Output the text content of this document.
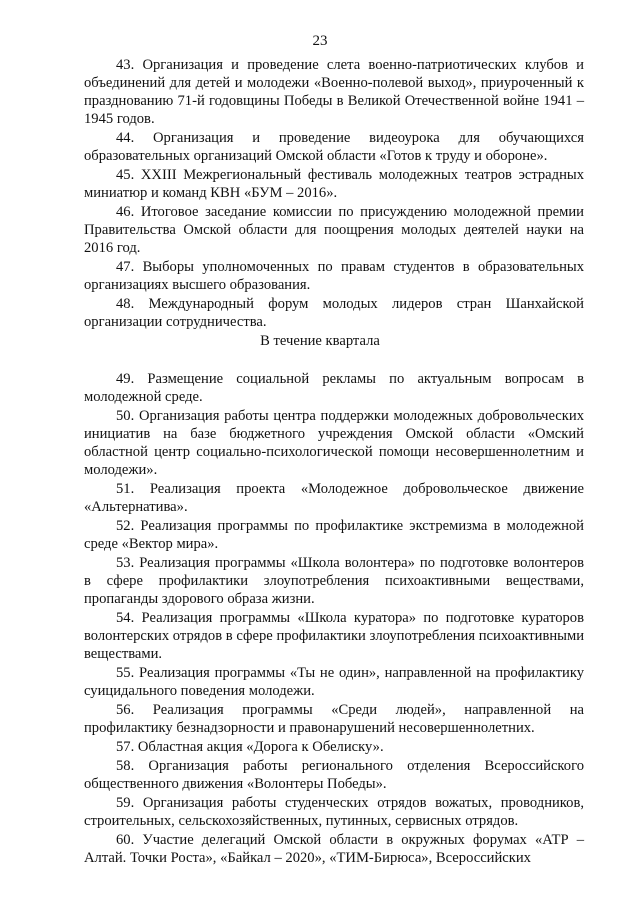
23

43. Организация и проведение слета военно-патриотических клубов и объединений для детей и молодежи «Военно-полевой выход», приуроченный к празднованию 71-й годовщины Победы в Великой Отечественной войне 1941 – 1945 годов.

44. Организация и проведение видеоурока для обучающихся образовательных организаций Омской области «Готов к труду и обороне».

45. XXIII Межрегиональный фестиваль молодежных театров эстрадных миниатюр и команд КВН «БУМ – 2016».

46. Итоговое заседание комиссии по присуждению молодежной премии Правительства Омской области для поощрения молодых деятелей науки на 2016 год.

47. Выборы уполномоченных по правам студентов в образовательных организациях высшего образования.

48. Международный форум молодых лидеров стран Шанхайской организации сотрудничества.

В течение квартала

49. Размещение социальной рекламы по актуальным вопросам в молодежной среде.

50. Организация работы центра поддержки молодежных добровольческих инициатив на базе бюджетного учреждения Омской области «Омский областной центр социально-психологической помощи несовершеннолетним и молодежи».

51. Реализация проекта «Молодежное добровольческое движение «Альтернатива».

52. Реализация программы по профилактике экстремизма в молодежной среде «Вектор мира».

53. Реализация программы «Школа волонтера» по подготовке волонтеров в сфере профилактики злоупотребления психоактивными веществами, пропаганды здорового образа жизни.

54. Реализация программы «Школа куратора» по подготовке кураторов волонтерских отрядов в сфере профилактики злоупотребления психоактивными веществами.

55. Реализация программы «Ты не один», направленной на профилактику суицидального поведения молодежи.

56. Реализация программы «Среди людей», направленной на профилактику безнадзорности и правонарушений несовершеннолетних.

57. Областная акция «Дорога к Обелиску».

58. Организация работы регионального отделения Всероссийского общественного движения «Волонтеры Победы».

59. Организация работы студенческих отрядов вожатых, проводников, строительных, сельскохозяйственных, путинных, сервисных отрядов.

60. Участие делегаций Омской области в окружных форумах «АТР – Алтай. Точки Роста», «Байкал – 2020», «ТИМ-Бирюса», Всероссийских
